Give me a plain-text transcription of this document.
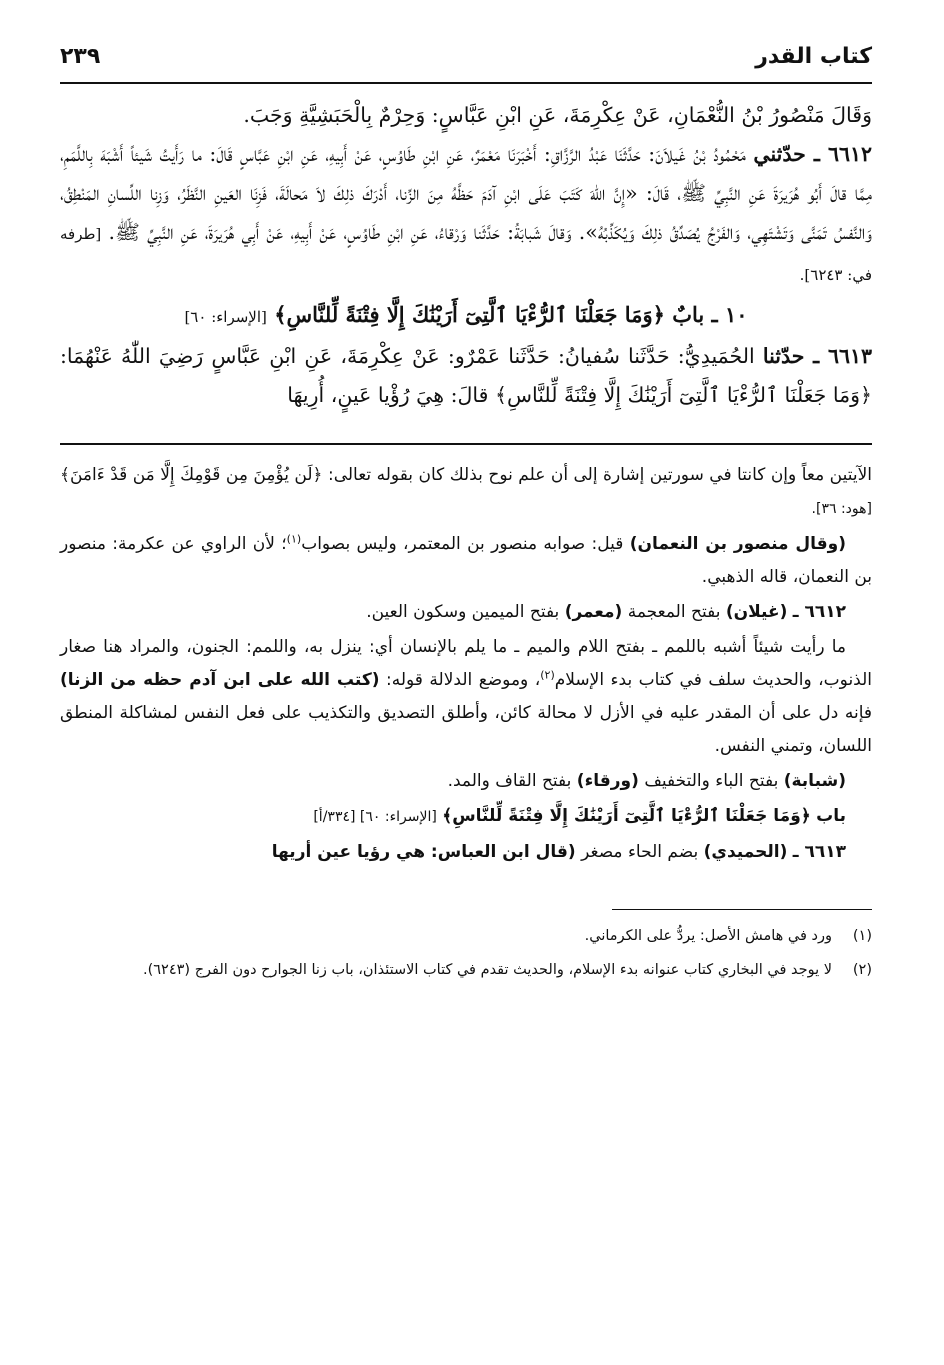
كتاب القدر
٢٣٩

وَقَالَ مَنْصُورُ بْنُ النُّعْمَانِ، عَنْ عِكْرِمَةَ، عَنِ ابْنِ عَبَّاسٍ: وَحِرْمٌ بِالْحَبَشِيَّةِ وَجَبَ.

٦٦١٢ ـ حدّثني مَحْمُودُ بْنُ غَيلاَنَ: حَدَّثَنَا عَبْدُ الرَّزَّاقِ: أَخْبَرَنَا مَعْمَرٌ، عَنِ ابْنِ طَاوُسٍ، عَنْ أَبِيهِ، عَنِ ابْنِ عَبَّاسٍ قَالَ: ما رَأَيتُ شَيئاً أَشْبَهَ بِاللَّمَمِ، مِمَّا قالَ أَبُو هُرَيرَةَ عَنِ النَّبِيِّ ﷺ، قَالَ: «إِنَّ اللّٰهَ كَتَبَ عَلَى ابْنِ آدَمَ حَظَّهُ مِنَ الزِّنا، أَدْرَكَ ذلِكَ لاَ مَحالَةَ، فَزِنَا العَينِ النَّظَرُ، وَزِنا اللِّسانِ المَنْطِقُ، وَالنَّفسُ تَمَنَّى وَتَشْتَهِي، وَالفَرْجُ يُصَدِّقُ ذلِكَ وَيُكَذِّبُهُ». وَقالَ شَبابَةُ: حَدَّثَنا وَرْقاءُ، عَنِ ابْنِ طَاوُسٍ، عَنْ أَبِيهِ، عَنْ أَبِي هُرَيرَةَ، عَنِ النَّبِيِّ ﷺ. [طرفه في: ٦٢٤٣].

١٠ ـ بابٌ ﴿وَمَا جَعَلْنَا ٱلرُّءْيَا ٱلَّتِىٓ أَرَيْنَٰكَ إِلَّا فِتْنَةً لِّلنَّاسِ﴾ [الإسراء: ٦٠]

٦٦١٣ ـ حدّثنا الحُمَيدِيُّ: حَدَّثَنا سُفيانُ: حَدَّثَنا عَمْرٌو: عَنْ عِكْرِمَةَ، عَنِ ابْنِ عَبَّاسٍ رَضِيَ اللّٰهُ عَنْهُمَا: ﴿وَمَا جَعَلْنَا ٱلرُّءْيَا ٱلَّتِىٓ أَرَيْنَٰكَ إِلَّا فِتْنَةً لِّلنَّاسِ﴾ قالَ: هِيَ رُؤْيا عَينٍ، أُرِيهَا

الآيتين معاً وإن كانتا في سورتين إشارة إلى أن علم نوح بذلك كان بقوله تعالى: ﴿لَن يُؤْمِنَ مِن قَوْمِكَ إِلَّا مَن قَدْ ءَامَنَ﴾ [هود: ٣٦].

(وقال منصور بن النعمان) قيل: صوابه منصور بن المعتمر، وليس بصواب$^{(١)}$؛ لأن الراوي عن عكرمة: منصور بن النعمان، قاله الذهبي.

٦٦١٢ ـ (غيلان) بفتح المعجمة (معمر) بفتح الميمين وسكون العين.

ما رأيت شيئاً أشبه باللمم ـ بفتح اللام والميم ـ ما يلم بالإنسان أي: ينزل به، واللمم: الجنون، والمراد هنا صغار الذنوب، والحديث سلف في كتاب بدء الإسلام$^{(٢)}$، وموضع الدلالة قوله: (كتب الله على ابن آدم حظه من الزنا) فإنه دل على أن المقدر عليه في الأزل لا محالة كائن، وأطلق التصديق والتكذيب على فعل النفس لمشاكلة المنطق اللسان، وتمني النفس.

(شبابة) بفتح الباء والتخفيف (ورقاء) بفتح القاف والمد.

باب ﴿وَمَا جَعَلْنَا ٱلرُّءْيَا ٱلَّتِىٓ أَرَيْنَٰكَ إِلَّا فِتْنَةً لِّلنَّاسِ﴾ [الإسراء: ٦٠] [٣٣٤/أ]

٦٦١٣ ـ (الحميدي) بضم الحاء مصغر (قال ابن العباس: هي رؤيا عين أريها

(١)
ورد في هامش الأصل: يردُّ على الكرماني.
(٢)
لا يوجد في البخاري كتاب عنوانه بدء الإسلام، والحديث تقدم في كتاب الاستئذان، باب زنا الجوارح دون الفرج (٦٢٤٣).
